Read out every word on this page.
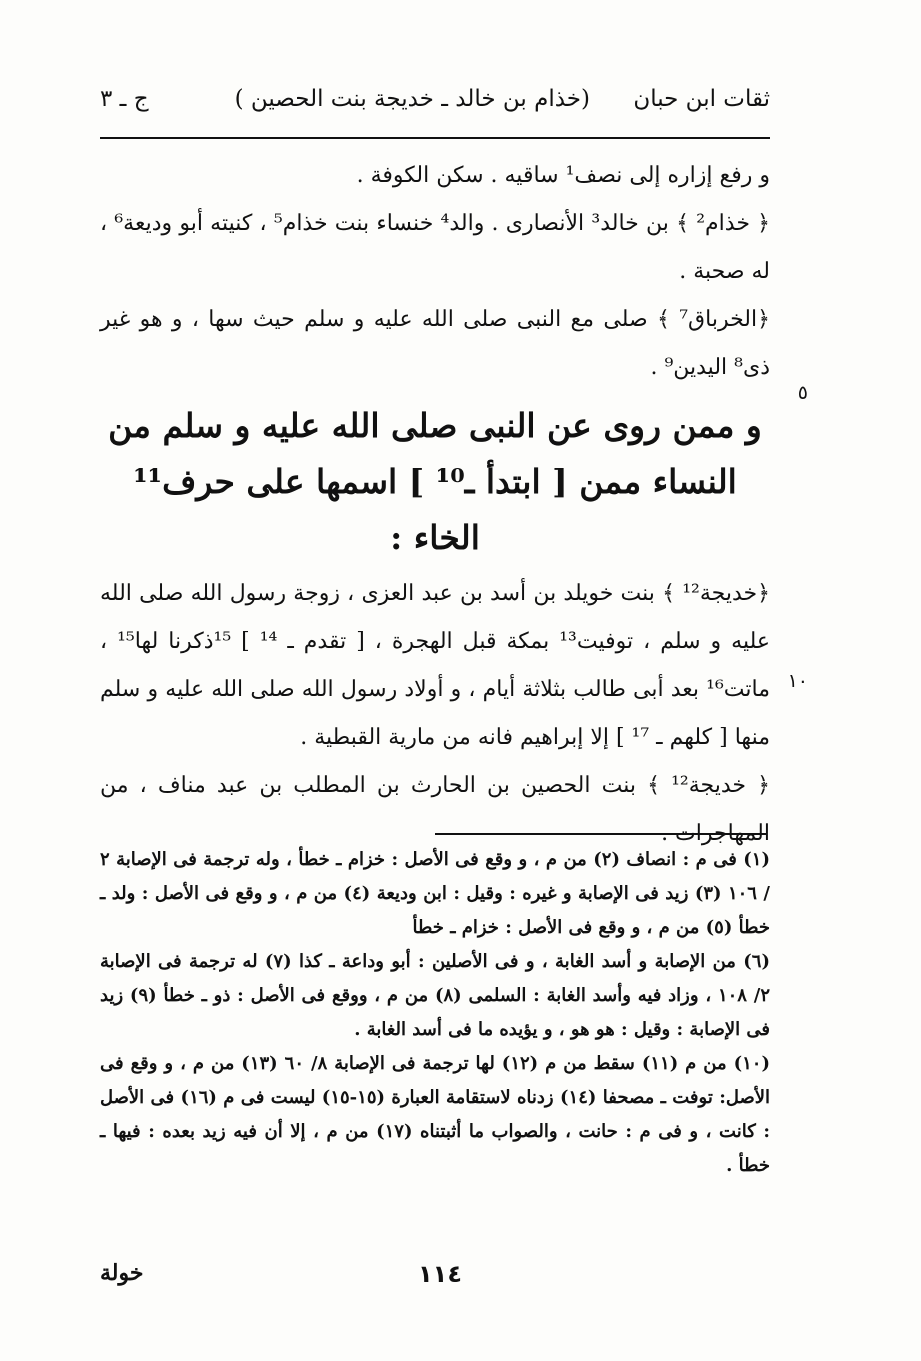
ثقات ابن حبان
(خذام بن خالد ـ خديجة بنت الحصين )
ج ـ ٣
٥
١٠

و رفع إزاره إلى نصف¹ ساقيه . سكن الكوفة .

﴿ خذام² ﴾ بن خالد³ الأنصارى . والد⁴ خنساء بنت خذام⁵ ، كنيته أبو وديعة⁶ ، له صحبة .

﴿الخرباق⁷ ﴾ صلى مع النبى صلى الله عليه و سلم حيث سها ، و هو غير ذى⁸ اليدين⁹ .

و ممن روى عن النبى صلى الله عليه و سلم من النساء ممن [ ابتدأ ـ¹⁰ ] اسمها على حرف¹¹ الخاء :

﴿خديجة¹² ﴾ بنت خويلد بن أسد بن عبد العزى ، زوجة رسول الله صلى الله عليه و سلم ، توفيت¹³ بمكة قبل الهجرة ، [ تقدم ـ ¹⁴ ] ¹⁵ذكرنا لها¹⁵ ، ماتت¹⁶ بعد أبى طالب بثلاثة أيام ، و أولاد رسول الله صلى الله عليه و سلم منها [ كلهم ـ ¹⁷ ] إلا إبراهيم فانه من مارية القبطية .

﴿ خديجة¹² ﴾ بنت الحصين بن الحارث بن المطلب بن عبد مناف ، من المهاجرات .

(١) فى م : انصاف (٢) من م ، و وقع فى الأصل : خزام ـ خطأ ، وله ترجمة فى الإصابة ٢ / ١٠٦ (٣) زيد فى الإصابة و غيره : وقيل : ابن وديعة (٤) من م ، و وقع فى الأصل : ولد ـ خطأ (٥) من م ، و وقع فى الأصل : خزام ـ خطأ

(٦) من الإصابة و أسد الغابة ، و فى الأصلين : أبو وداعة ـ كذا (٧) له ترجمة فى الإصابة ٢/ ١٠٨ ، وزاد فيه وأسد الغابة : السلمى (٨) من م ، ووقع فى الأصل : ذو ـ خطأ (٩) زيد فى الإصابة : وقيل : هو هو ، و يؤيده ما فى أسد الغابة .

(١٠) من م (١١) سقط من م (١٢) لها ترجمة فى الإصابة ٨/ ٦٠ (١٣) من م ، و وقع فى الأصل: توفت ـ مصحفا (١٤) زدناه لاستقامة العبارة (١٥-١٥) ليست فى م (١٦) فى الأصل : كانت ، و فى م : حانت ، والصواب ما أثبتناه (١٧) من م ، إلا أن فيه زيد بعده : فيها ـ خطأ .

١١٤
خولة
